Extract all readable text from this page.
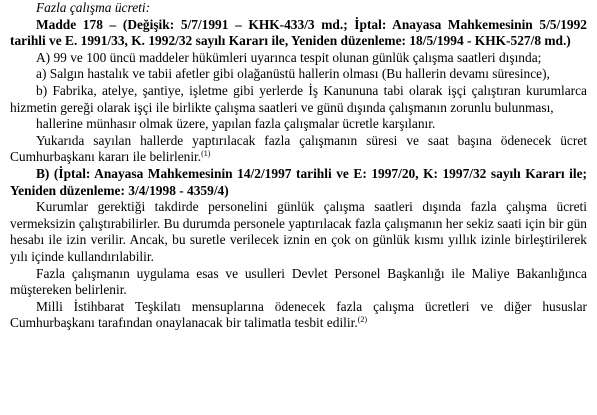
Fazla çalışma ücreti:

Madde 178 – (Değişik: 5/7/1991 – KHK-433/3 md.; İptal: Anayasa Mahkemesinin 5/5/1992 tarihli ve E. 1991/33, K. 1992/32 sayılı Kararı ile, Yeniden düzenleme: 18/5/1994 - KHK-527/8 md.)

A) 99 ve 100 üncü maddeler hükümleri uyarınca tespit olunan günlük çalışma saatleri dışında;

a) Salgın hastalık ve tabii afetler gibi olağanüstü hallerin olması (Bu hallerin devamı süresince),

b) Fabrika, atelye, şantiye, işletme gibi yerlerde İş Kanununa tabi olarak işçi çalıştıran kurumlarca hizmetin gereği olarak işçi ile birlikte çalışma saatleri ve günü dışında çalışmanın zorunlu bulunması,

hallerine münhasır olmak üzere, yapılan fazla çalışmalar ücretle karşılanır.

Yukarıda sayılan hallerde yaptırılacak fazla çalışmanın süresi ve saat başına ödenecek ücret Cumhurbaşkanı kararı ile belirlenir.$^{(1)}$

B) (İptal: Anayasa Mahkemesinin 14/2/1997 tarihli ve E: 1997/20, K: 1997/32 sayılı Kararı ile; Yeniden düzenleme: 3/4/1998 - 4359/4)

Kurumlar gerektiği takdirde personelini günlük çalışma saatleri dışında fazla çalışma ücreti vermeksizin çalıştırabilirler. Bu durumda personele yaptırılacak fazla çalışmanın her sekiz saati için bir gün hesabı ile izin verilir. Ancak, bu suretle verilecek iznin en çok on günlük kısmı yıllık izinle birleştirilerek yılı içinde kullandırılabilir.

Fazla çalışmanın uygulama esas ve usulleri Devlet Personel Başkanlığı ile Maliye Bakanlığınca müştereken belirlenir.

Milli İstihbarat Teşkilatı mensuplarına ödenecek fazla çalışma ücretleri ve diğer hususlar Cumhurbaşkanı tarafından onaylanacak bir talimatla tesbit edilir.$^{(2)}$
